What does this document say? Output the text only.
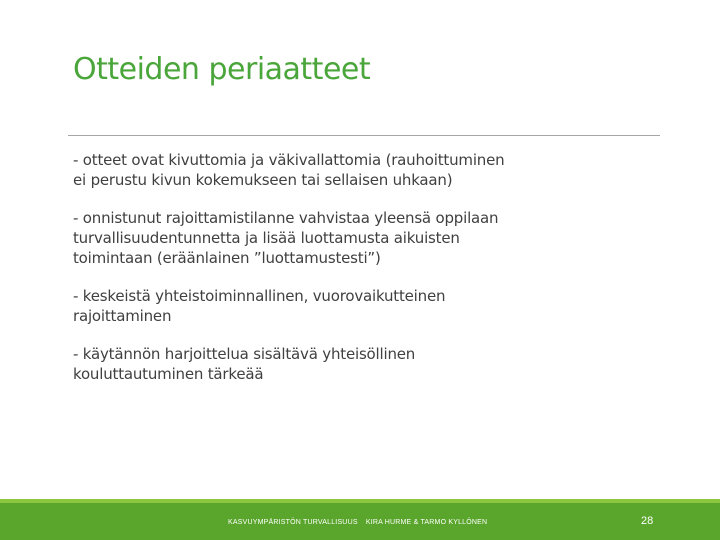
Otteiden periaatteet

- otteet ovat kivuttomia ja väkivallattomia (rauhoittuminen
ei perustu kivun kokemukseen tai sellaisen uhkaan)

- onnistunut rajoittamistilanne vahvistaa yleensä oppilaan
turvallisuudentunnetta ja lisää luottamusta aikuisten
toimintaan (eräänlainen ”luottamustesti”)

- keskeistä yhteistoiminnallinen, vuorovaikutteinen
rajoittaminen

- käytännön harjoittelua sisältävä yhteisöllinen
kouluttautuminen tärkeää

KASVUYMPÄRISTÖN TURVALLISUUS KIRA HURME & TARMO KYLLÖNEN	28
